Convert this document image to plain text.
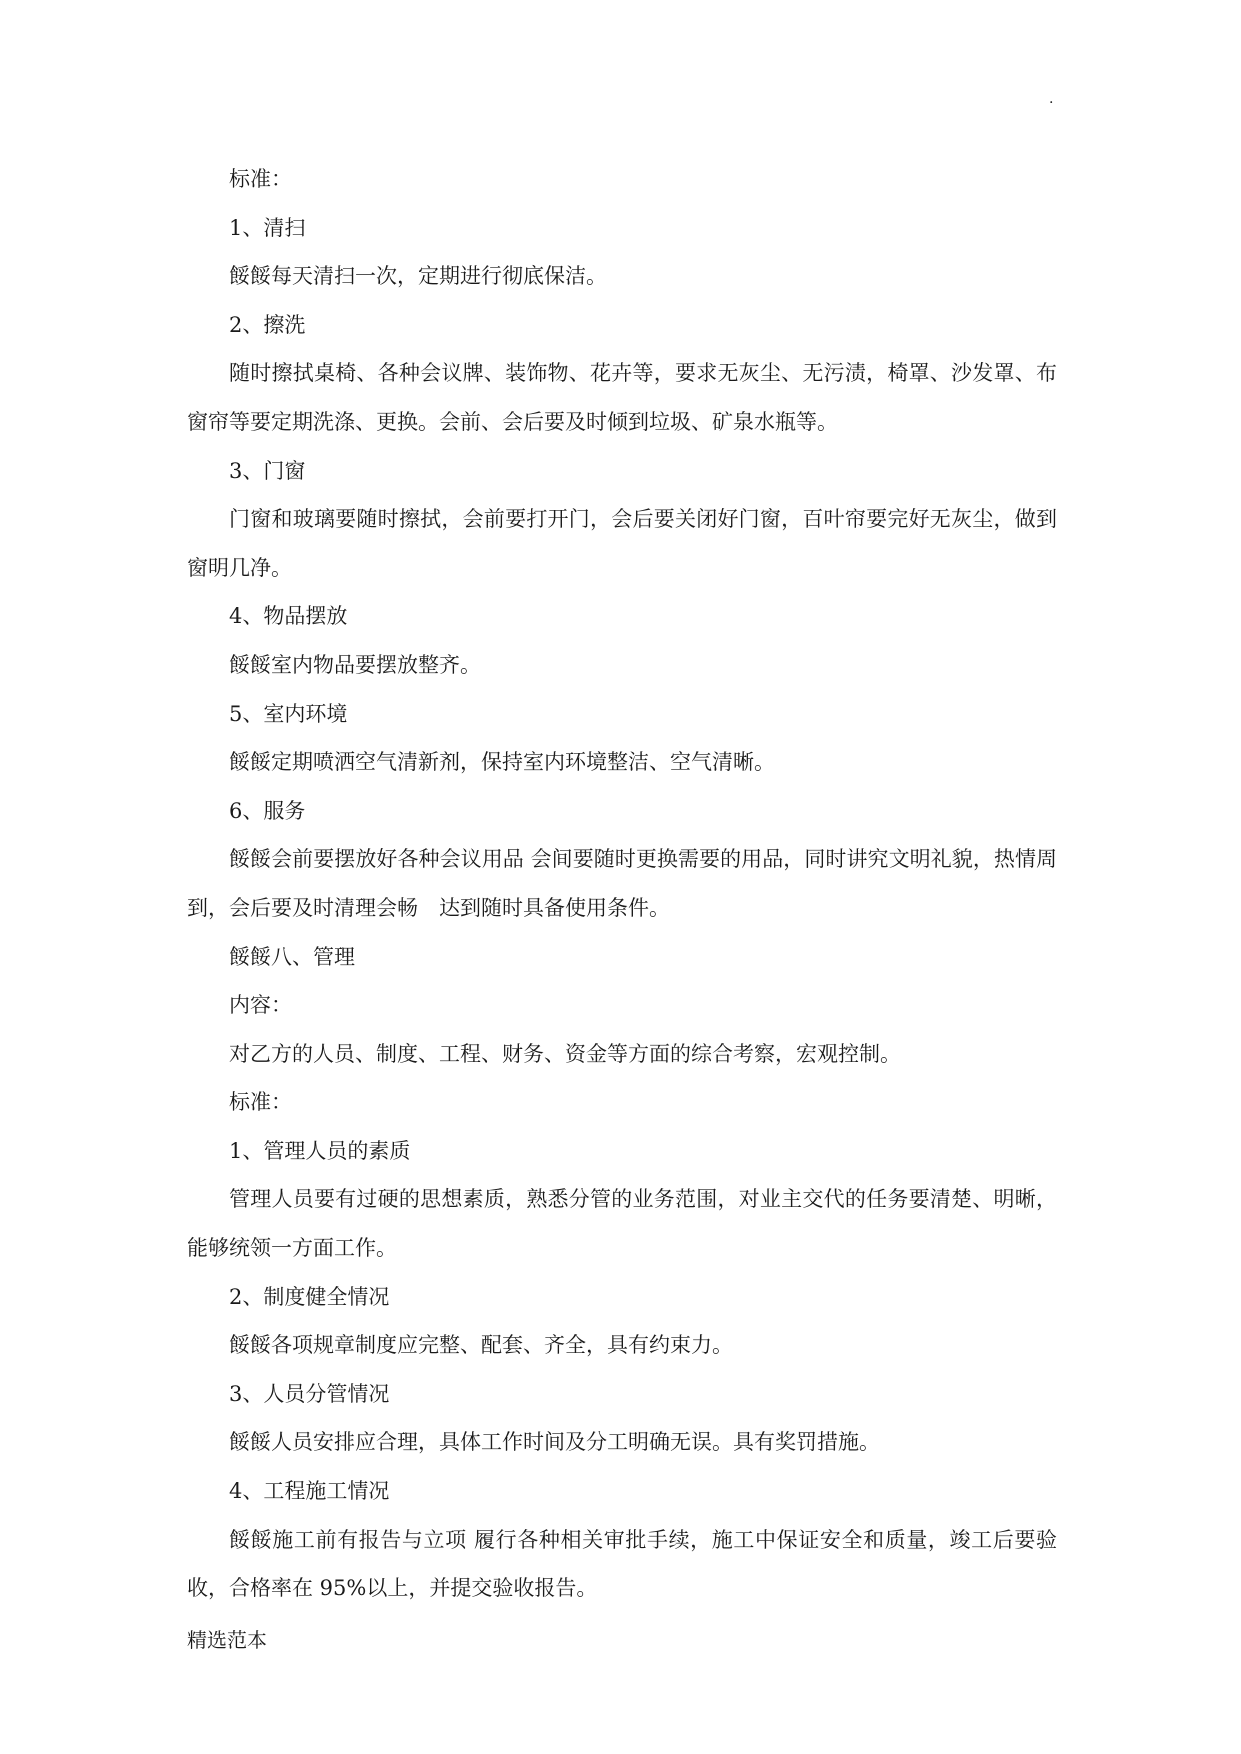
.

标准：

1、清扫

餒餒每天清扫一次，定期进行彻底保洁。

2、擦洗

随时擦拭桌椅、各种会议牌、装饰物、花卉等，要求无灰尘、无污渍，椅罩、沙发罩、布窗帘等要定期洗涤、更换。会前、会后要及时倾到垃圾、矿泉水瓶等。

3、门窗

门窗和玻璃要随时擦拭，会前要打开门，会后要关闭好门窗，百叶帘要完好无灰尘，做到窗明几净。

4、物品摆放

餒餒室内物品要摆放整齐。

5、室内环境

餒餒定期喷洒空气清新剂，保持室内环境整洁、空气清晰。

6、服务

餒餒会前要摆放好各种会议用品 会间要随时更换需要的用品，同时讲究文明礼貌，热情周到，会后要及时清理会畅　达到随时具备使用条件。

餒餒八、管理

内容：

对乙方的人员、制度、工程、财务、资金等方面的综合考察，宏观控制。

标准：

1、管理人员的素质

管理人员要有过硬的思想素质，熟悉分管的业务范围，对业主交代的任务要清楚、明晰，能够统领一方面工作。

2、制度健全情况

餒餒各项规章制度应完整、配套、齐全，具有约束力。

3、人员分管情况

餒餒人员安排应合理，具体工作时间及分工明确无误。具有奖罚措施。

4、工程施工情况

餒餒施工前有报告与立项 履行各种相关审批手续，施工中保证安全和质量，竣工后要验收，合格率在 95%以上，并提交验收报告。

精选范本
